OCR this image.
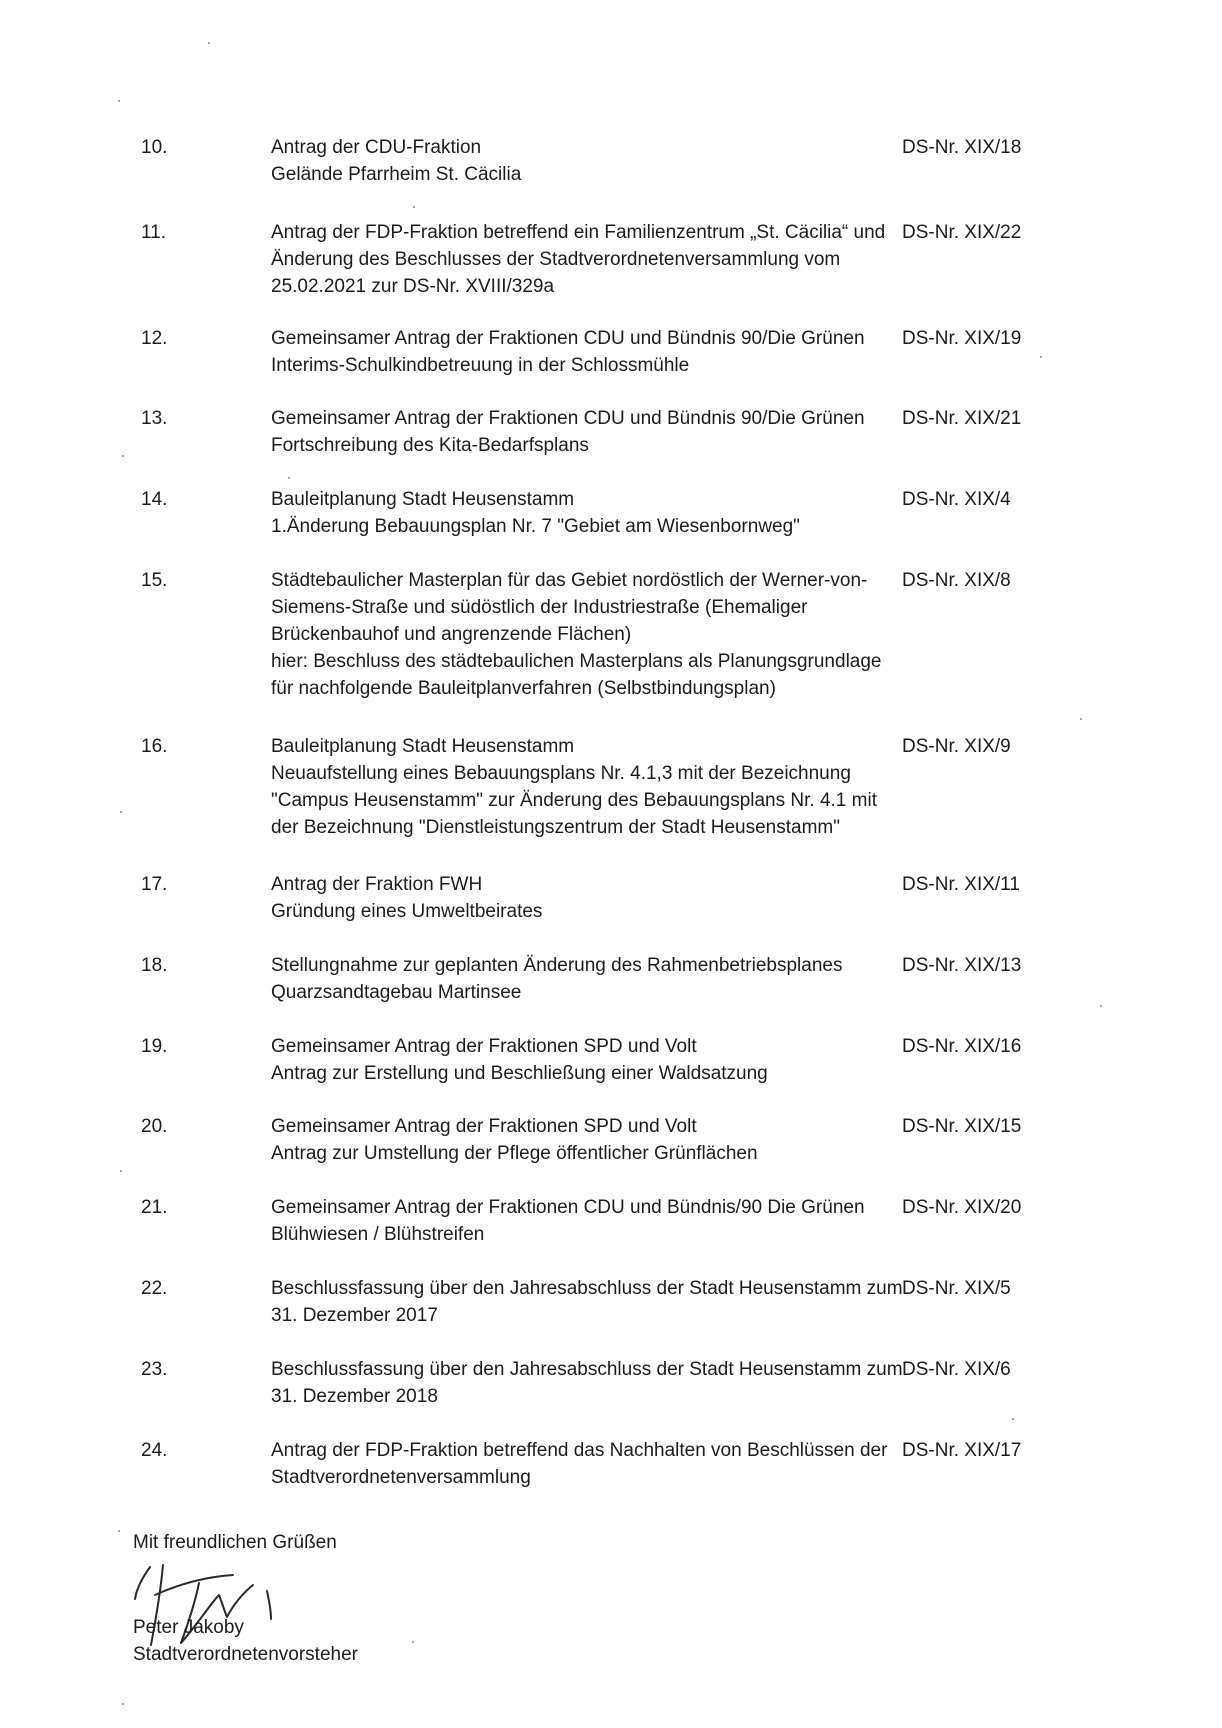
10.	Antrag der CDU-Fraktion
Gelände Pfarrheim St. Cäcilia
DS-Nr. XIX/18
11.	Antrag der FDP-Fraktion betreffend ein Familienzentrum „St. Cäcilia“ und
Änderung des Beschlusses der Stadtverordnetenversammlung vom
25.02.2021 zur DS-Nr. XVIII/329a
DS-Nr. XIX/22
12.	Gemeinsamer Antrag der Fraktionen CDU und Bündnis 90/Die Grünen
Interims-Schulkindbetreuung in der Schlossmühle
DS-Nr. XIX/19
13.	Gemeinsamer Antrag der Fraktionen CDU und Bündnis 90/Die Grünen
Fortschreibung des Kita-Bedarfsplans
DS-Nr. XIX/21
14.	Bauleitplanung Stadt Heusenstamm
1.Änderung Bebauungsplan Nr. 7 "Gebiet am Wiesenbornweg"
DS-Nr. XIX/4
15.	Städtebaulicher Masterplan für das Gebiet nordöstlich der Werner-von-
Siemens-Straße und südöstlich der Industriestraße (Ehemaliger
Brückenbauhof und angrenzende Flächen)
hier: Beschluss des städtebaulichen Masterplans als Planungsgrundlage
für nachfolgende Bauleitplanverfahren (Selbstbindungsplan)
DS-Nr. XIX/8
16.	Bauleitplanung Stadt Heusenstamm
Neuaufstellung eines Bebauungsplans Nr. 4.1,3 mit der Bezeichnung
"Campus Heusenstamm" zur Änderung des Bebauungsplans Nr. 4.1 mit
der Bezeichnung "Dienstleistungszentrum der Stadt Heusenstamm"
DS-Nr. XIX/9
17.	Antrag der Fraktion FWH
Gründung eines Umweltbeirates
DS-Nr. XIX/11
18.	Stellungnahme zur geplanten Änderung des Rahmenbetriebsplanes
Quarzsandtagebau Martinsee
DS-Nr. XIX/13
19.	Gemeinsamer Antrag der Fraktionen SPD und Volt
Antrag zur Erstellung und Beschließung einer Waldsatzung
DS-Nr. XIX/16
20.	Gemeinsamer Antrag der Fraktionen SPD und Volt
Antrag zur Umstellung der Pflege öffentlicher Grünflächen
DS-Nr. XIX/15
21.	Gemeinsamer Antrag der Fraktionen CDU und Bündnis/90 Die Grünen
Blühwiesen / Blühstreifen
DS-Nr. XIX/20
22.	Beschlussfassung über den Jahresabschluss der Stadt Heusenstamm zum
31. Dezember 2017
DS-Nr. XIX/5
23.	Beschlussfassung über den Jahresabschluss der Stadt Heusenstamm zum
31. Dezember 2018
DS-Nr. XIX/6
24.	Antrag der FDP-Fraktion betreffend das Nachhalten von Beschlüssen der
Stadtverordnetenversammlung
DS-Nr. XIX/17
Mit freundlichen Grüßen
Peter Jakoby
Stadtverordnetenvorsteher
